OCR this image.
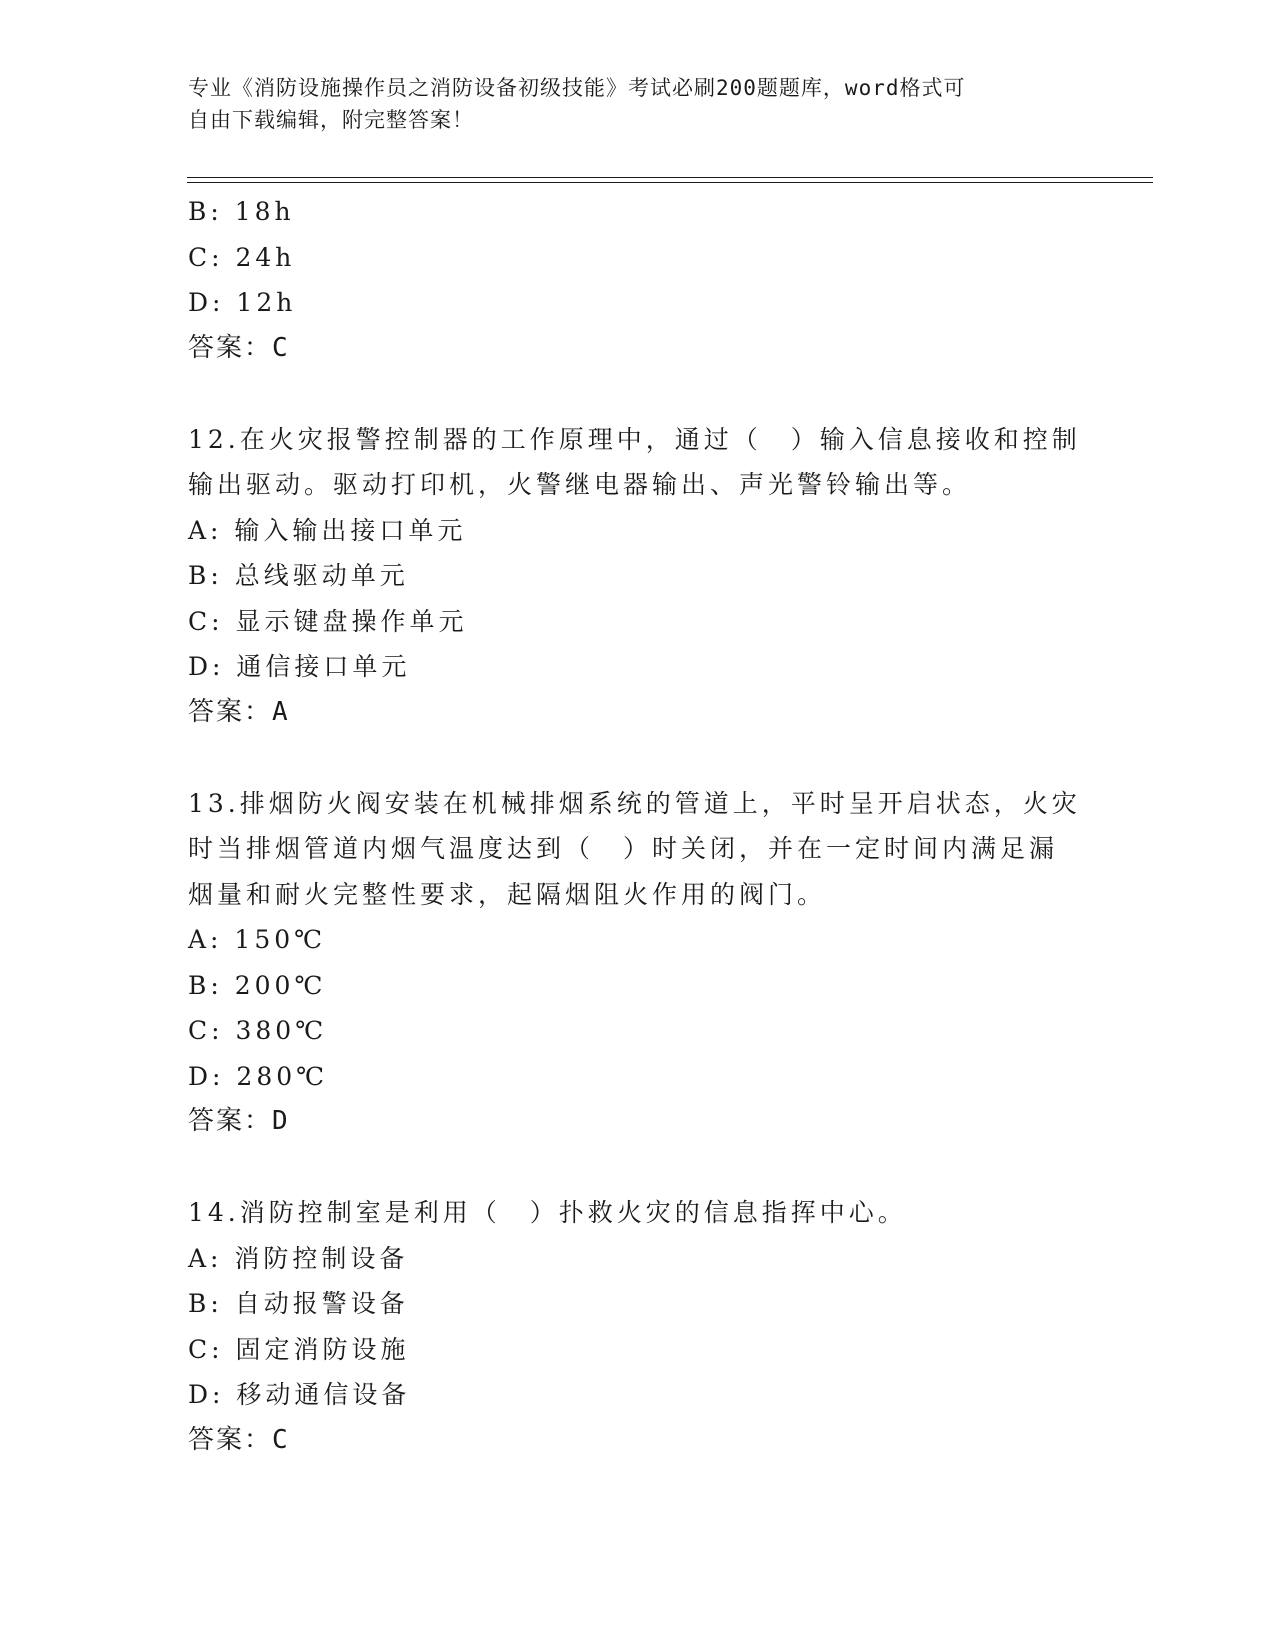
专业《消防设施操作员之消防设备初级技能》考试必刷200题题库，word格式可
自由下载编辑，附完整答案！
B: 18h
C: 24h
D: 12h
答案：C
12.在火灾报警控制器的工作原理中，通过（　）输入信息接收和控制
输出驱动。驱动打印机，火警继电器输出、声光警铃输出等。
A: 输入输出接口单元
B: 总线驱动单元
C: 显示键盘操作单元
D: 通信接口单元
答案：A
13.排烟防火阀安装在机械排烟系统的管道上，平时呈开启状态，火灾
时当排烟管道内烟气温度达到（　）时关闭，并在一定时间内满足漏
烟量和耐火完整性要求，起隔烟阻火作用的阀门。
A: 150℃
B: 200℃
C: 380℃
D: 280℃
答案：D
14.消防控制室是利用（　）扑救火灾的信息指挥中心。
A: 消防控制设备
B: 自动报警设备
C: 固定消防设施
D: 移动通信设备
答案：C
